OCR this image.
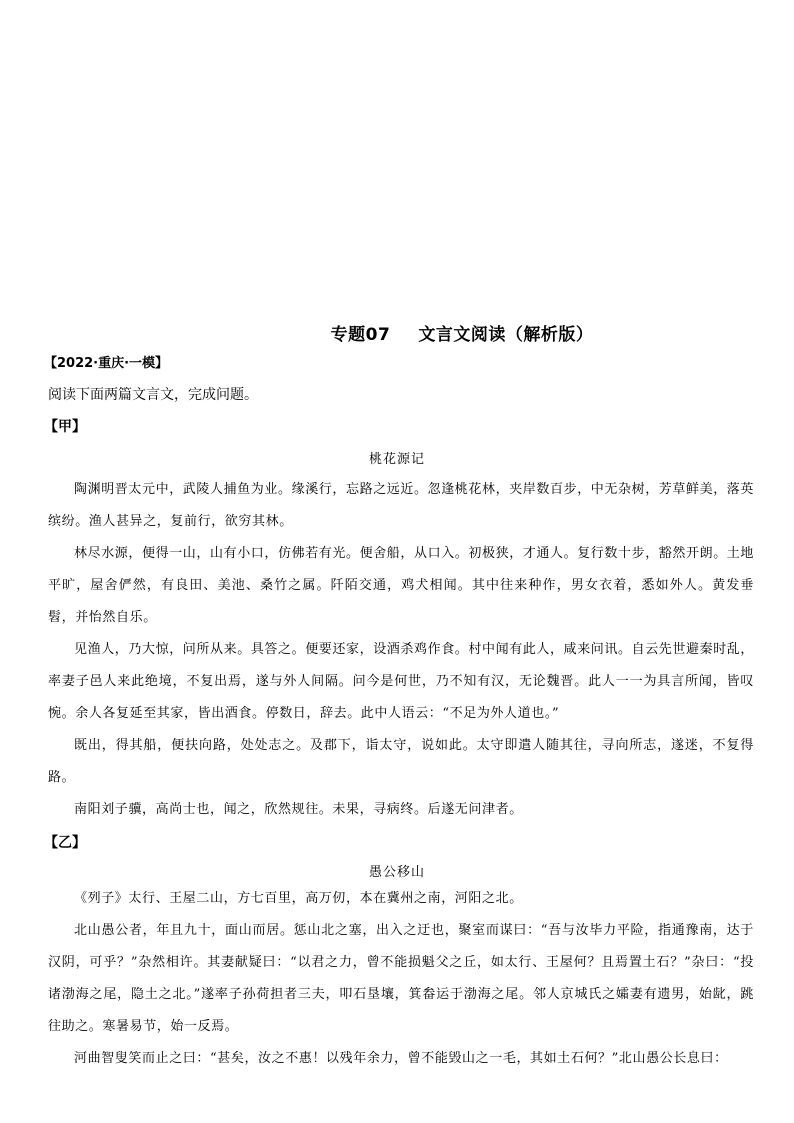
专题07 文言文阅读（解析版）
【2022·重庆·一模】
阅读下面两篇文言文，完成问题。
【甲】
桃花源记

陶渊明晋太元中，武陵人捕鱼为业。缘溪行，忘路之远近。忽逢桃花林，夹岸数百步，中无杂树，芳草鲜美，落英缤纷。渔人甚异之，复前行，欲穷其林。

林尽水源，便得一山，山有小口，仿佛若有光。便舍船，从口入。初极狭，才通人。复行数十步，豁然开朗。土地平旷，屋舍俨然，有良田、美池、桑竹之属。阡陌交通，鸡犬相闻。其中往来种作，男女衣着，悉如外人。黄发垂髫，并怡然自乐。

见渔人，乃大惊，问所从来。具答之。便要还家，设酒杀鸡作食。村中闻有此人，咸来问讯。自云先世避秦时乱，率妻子邑人来此绝境，不复出焉，遂与外人间隔。问今是何世，乃不知有汉，无论魏晋。此人一一为具言所闻，皆叹惋。余人各复延至其家，皆出酒食。停数日，辞去。此中人语云：“不足为外人道也。”

既出，得其船，便扶向路，处处志之。及郡下，诣太守，说如此。太守即遣人随其往，寻向所志，遂迷，不复得路。

南阳刘子骥，高尚士也，闻之，欣然规往。未果，寻病终。后遂无问津者。

【乙】
愚公移山

《列子》太行、王屋二山，方七百里，高万仞，本在冀州之南，河阳之北。

北山愚公者，年且九十，面山而居。惩山北之塞，出入之迂也，聚室而谋曰：“吾与汝毕力平险，指通豫南，达于汉阴，可乎？”杂然相许。其妻献疑曰：“以君之力，曾不能损魁父之丘，如太行、王屋何？且焉置土石？”杂曰：“投诸渤海之尾，隐土之北。”遂率子孙荷担者三夫，叩石垦壤，箕畚运于渤海之尾。邻人京城氏之孀妻有遗男，始龀，跳往助之。寒暑易节，始一反焉。

河曲智叟笑而止之曰：“甚矣，汝之不惠！以残年余力，曾不能毁山之一毛，其如土石何？”北山愚公长息曰：
